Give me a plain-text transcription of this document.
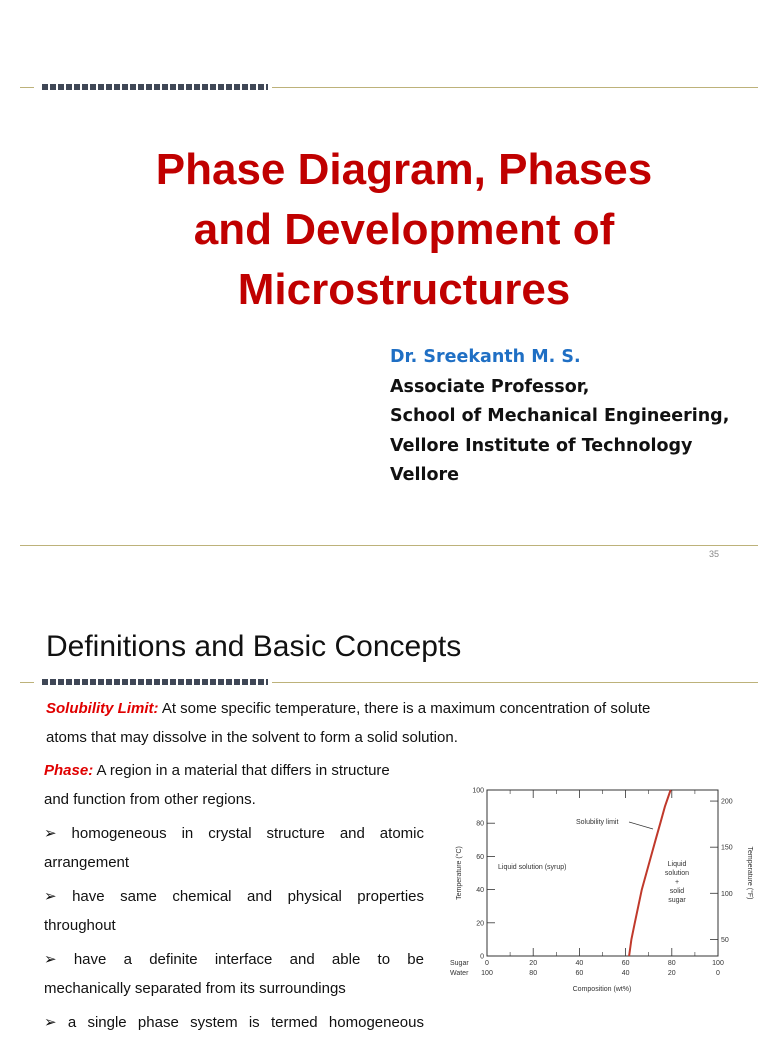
Phase Diagram, Phases
and Development of
Microstructures
Dr. Sreekanth M. S.
Associate Professor,
School of Mechanical Engineering,
Vellore Institute of Technology
Vellore
35
Definitions and Basic Concepts
Solubility Limit: At some specific temperature, there is a maximum concentration of solute
atoms that may dissolve in the solvent to form a solid solution.
Phase: A region in a material that differs in structure
and function from other regions.
➢ homogeneous in crystal structure and atomic
arrangement
➢ have same chemical and physical properties
throughout
➢ have a definite interface and able to be
mechanically separated from its surroundings
➢ a single phase system is termed homogeneous
0
20
40
60
80
100
50
100
150
200
0
100
20
80
40
60
60
40
80
20
100
0
Temperature (°C)	Temperature (°F)
Composition (wt%)
Sugar
Water
Solubility limit
Liquid solution (syrup)	Liquid
solution
+
solid
sugar
